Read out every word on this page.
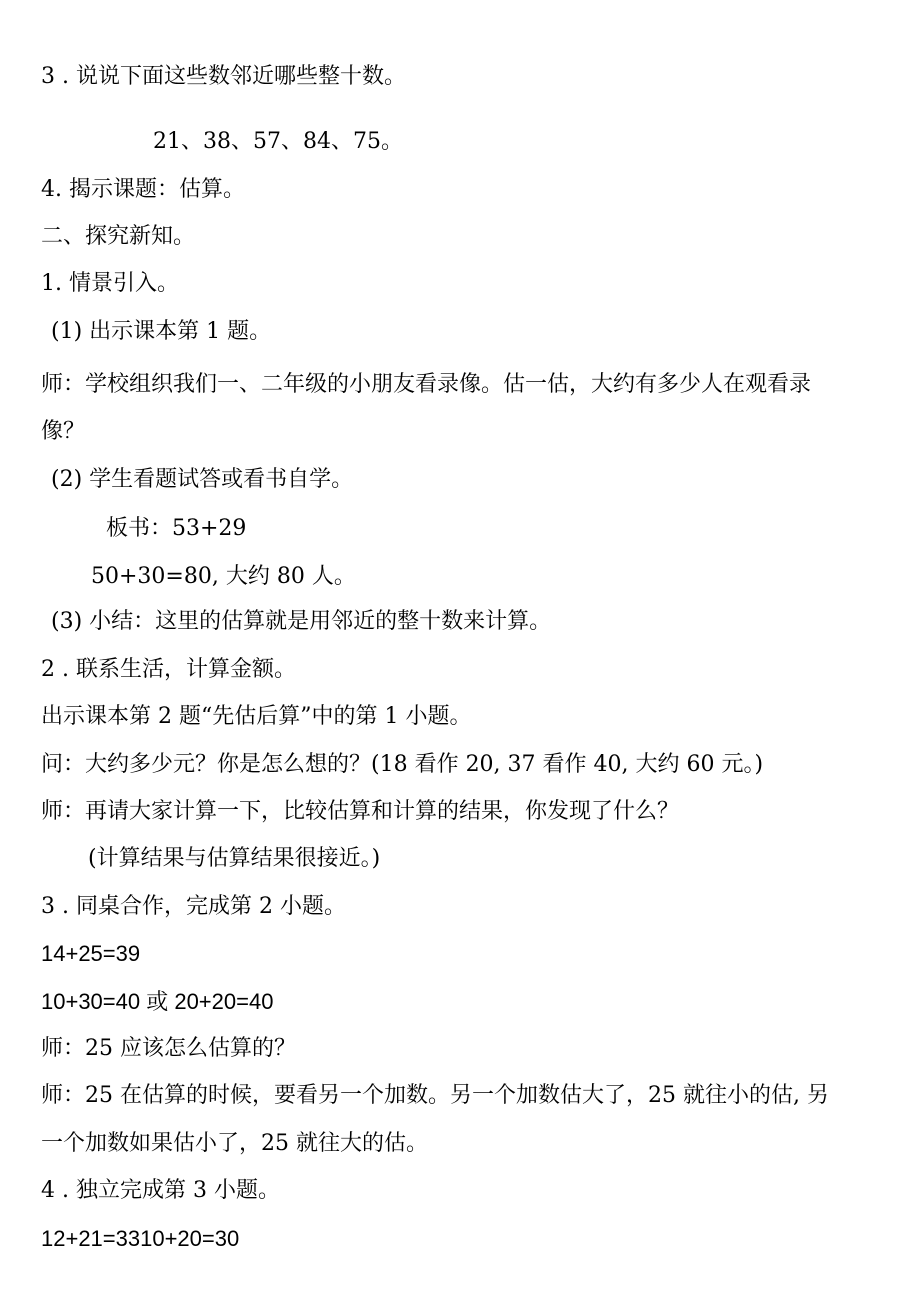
3 . 说说下面这些数邻近哪些整十数。
21、38、57、84、75。
4. 揭示课题：估算。
二、探究新知。
1. 情景引入。
(1) 出示课本第 1 题。
师：学校组织我们一、二年级的小朋友看录像。估一估，大约有多少人在观看录
像？
(2) 学生看题试答或看书自学。
板书：53+29
50+30=80, 大约 80 人。
(3) 小结：这里的估算就是用邻近的整十数来计算。
2 . 联系生活，计算金额。
出示课本第 2 题“先估后算”中的第 1 小题。
问：大约多少元？你是怎么想的？(18 看作 20, 37 看作 40, 大约 60 元。)
师：再请大家计算一下，比较估算和计算的结果，你发现了什么？
(计算结果与估算结果很接近。)
3 . 同桌合作，完成第 2 小题。
14+25=39
10+30=40 或 20+20=40
师：25 应该怎么估算的？
师：25 在估算的时候，要看另一个加数。另一个加数估大了，25 就往小的估, 另
一个加数如果估小了，25 就往大的估。
4 . 独立完成第 3 小题。
12+21=3310+20=30
